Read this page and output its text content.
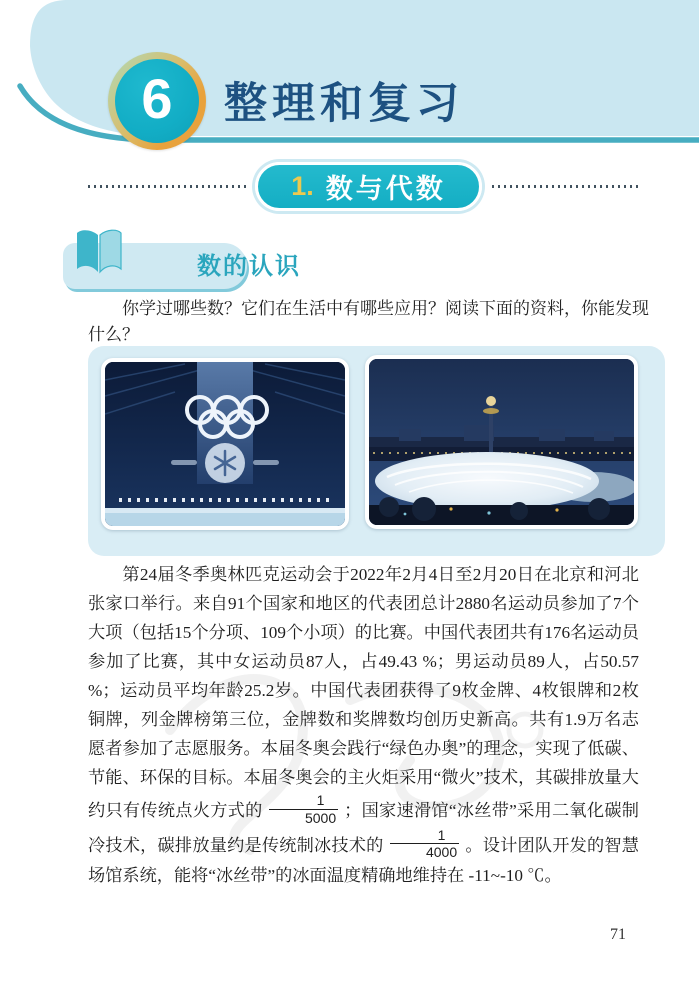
6 整理和复习
1. 数与代数
数的认识

你学过哪些数？它们在生活中有哪些应用？阅读下面的资料，你能发现什么？

第24届冬季奥林匹克运动会于2022年2月4日至2月20日在北京和河北张家口举行。来自91个国家和地区的代表团总计2880名运动员参加了7个大项（包括15个分项、109个小项）的比赛。中国代表团共有176名运动员参加了比赛，其中女运动员87人，占49.43 %；男运动员89人，占50.57 %；运动员平均年龄25.2岁。中国代表团获得了9枚金牌、4枚银牌和2枚铜牌，列金牌榜第三位，金牌数和奖牌数均创历史新高。共有1.9万名志愿者参加了志愿服务。本届冬奥会践行“绿色办奥”的理念，实现了低碳、节能、环保的目标。本届冬奥会的主火炬采用“微火”技术，其碳排放量大约只有传统点火方式的 $\frac{1}{5000}$ ；国家速滑馆“冰丝带”采用二氧化碳制冷技术，碳排放量约是传统制冰技术的 $\frac{1}{4000}$ 。设计团队开发的智慧场馆系统，能将“冰丝带”的冰面温度精确地维持在 -11~-10 ℃。

71
